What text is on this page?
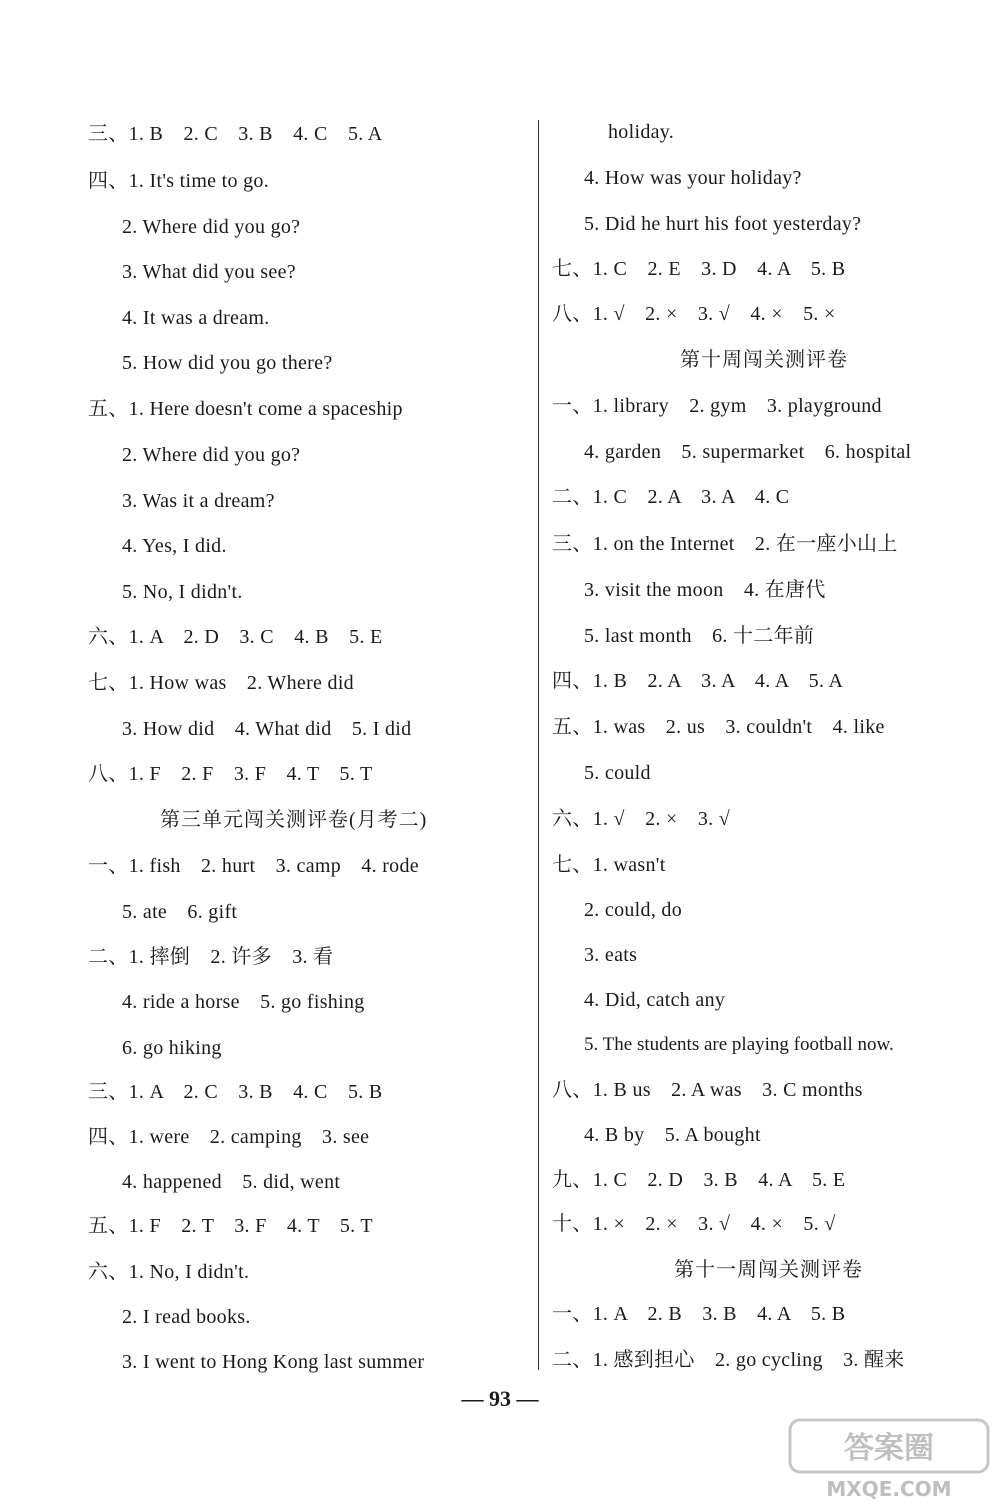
三、1. B　2. C　3. B　4. C　5. A
四、1. It's time to go.
2. Where did you go?
3. What did you see?
4. It was a dream.
5. How did you go there?
五、1. Here doesn't come a spaceship
2. Where did you go?
3. Was it a dream?
4. Yes, I did.
5. No, I didn't.
六、1. A　2. D　3. C　4. B　5. E
七、1. How was　2. Where did
3. How did　4. What did　5. I did
八、1. F　2. F　3. F　4. T　5. T
第三单元闯关测评卷(月考二)
一、1. fish　2. hurt　3. camp　4. rode
5. ate　6. gift
二、1. 摔倒　2. 许多　3. 看
4. ride a horse　5. go fishing
6. go hiking
三、1. A　2. C　3. B　4. C　5. B
四、1. were　2. camping　3. see
4. happened　5. did, went
五、1. F　2. T　3. F　4. T　5. T
六、1. No, I didn't.
2. I read books.
3. I went to Hong Kong last summer
holiday.
4. How was your holiday?
5. Did he hurt his foot yesterday?
七、1. C　2. E　3. D　4. A　5. B
八、1. √　2. ×　3. √　4. ×　5. ×
第十周闯关测评卷
一、1. library　2. gym　3. playground
4. garden　5. supermarket　6. hospital
二、1. C　2. A　3. A　4. C
三、1. on the Internet　2. 在一座小山上
3. visit the moon　4. 在唐代
5. last month　6. 十二年前
四、1. B　2. A　3. A　4. A　5. A
五、1. was　2. us　3. couldn't　4. like
5. could
六、1. √　2. ×　3. √
七、1. wasn't
2. could, do
3. eats
4. Did, catch any
5. The students are playing football now.
八、1. B us　2. A was　3. C months
4. B by　5. A bought
九、1. C　2. D　3. B　4. A　5. E
十、1. ×　2. ×　3. √　4. ×　5. √
第十一周闯关测评卷
一、1. A　2. B　3. B　4. A　5. B
二、1. 感到担心　2. go cycling　3. 醒来
— 93 —
答案圈
MXQE.COM
